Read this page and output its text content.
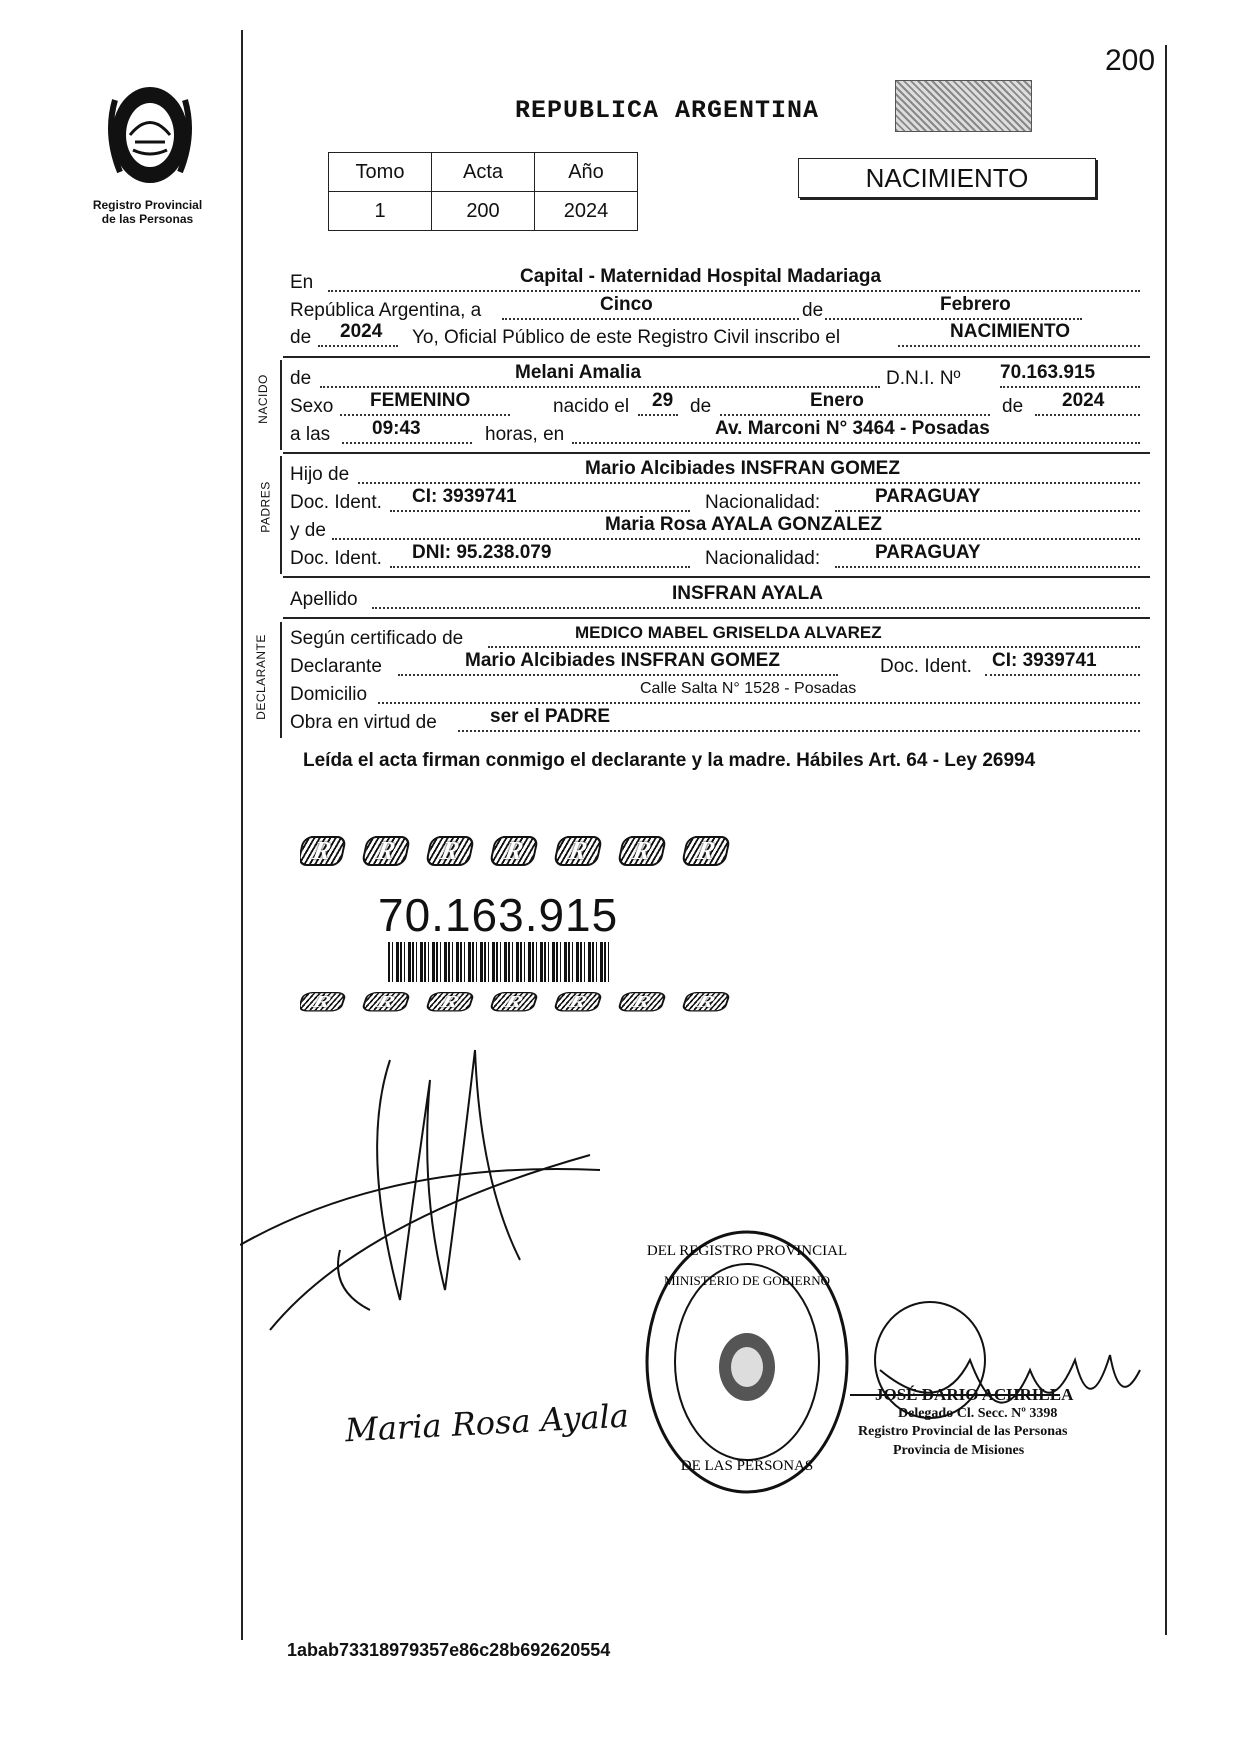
200
Registro Provincial
de las Personas
REPUBLICA ARGENTINA
Tomo	Acta	Año
1	200	2024
NACIMIENTO
En	Capital - Maternidad Hospital Madariaga
República Argentina, a	Cinco	de	Febrero
de 2024 Yo, Oficial Público de este Registro Civil inscribo el	NACIMIENTO
NACIDO de	Melani Amalia	D.N.I. Nº 70.163.915
Sexo FEMENINO	nacido el 29 de	Enero	de 2024
a las 09:43	horas, en	Av. Marconi N° 3464 - Posadas
PADRES
Hijo de	Mario Alcibiades INSFRAN GOMEZ
Doc. Ident. CI: 3939741	Nacionalidad:	PARAGUAY
y de	Maria Rosa AYALA GONZALEZ
Doc. Ident. DNI: 95.238.079	Nacionalidad:	PARAGUAY
Apellido	INSFRAN AYALA
DECLARANTE Según certificado de	MEDICO MABEL GRISELDA ALVAREZ
Declarante	Mario Alcibiades INSFRAN GOMEZ	Doc. Ident. CI: 3939741
Domicilio	Calle Salta N° 1528 - Posadas
Obra en virtud de	ser el PADRE
Leída el acta firman conmigo el declarante y la madre. Hábiles Art. 64 - Ley 26994
R R R R R R R
70.163.915
R R R R R R R
Maria Rosa Ayala
DEL REGISTRO PROVINCIAL
MINISTERIO DE GOBIERNO
DE LAS PERSONAS
JOSÉ DARIO ACHRILLA
Delegado Cl. Secc. Nº 3398
Registro Provincial de las Personas
Provincia de Misiones
1abab73318979357e86c28b692620554
